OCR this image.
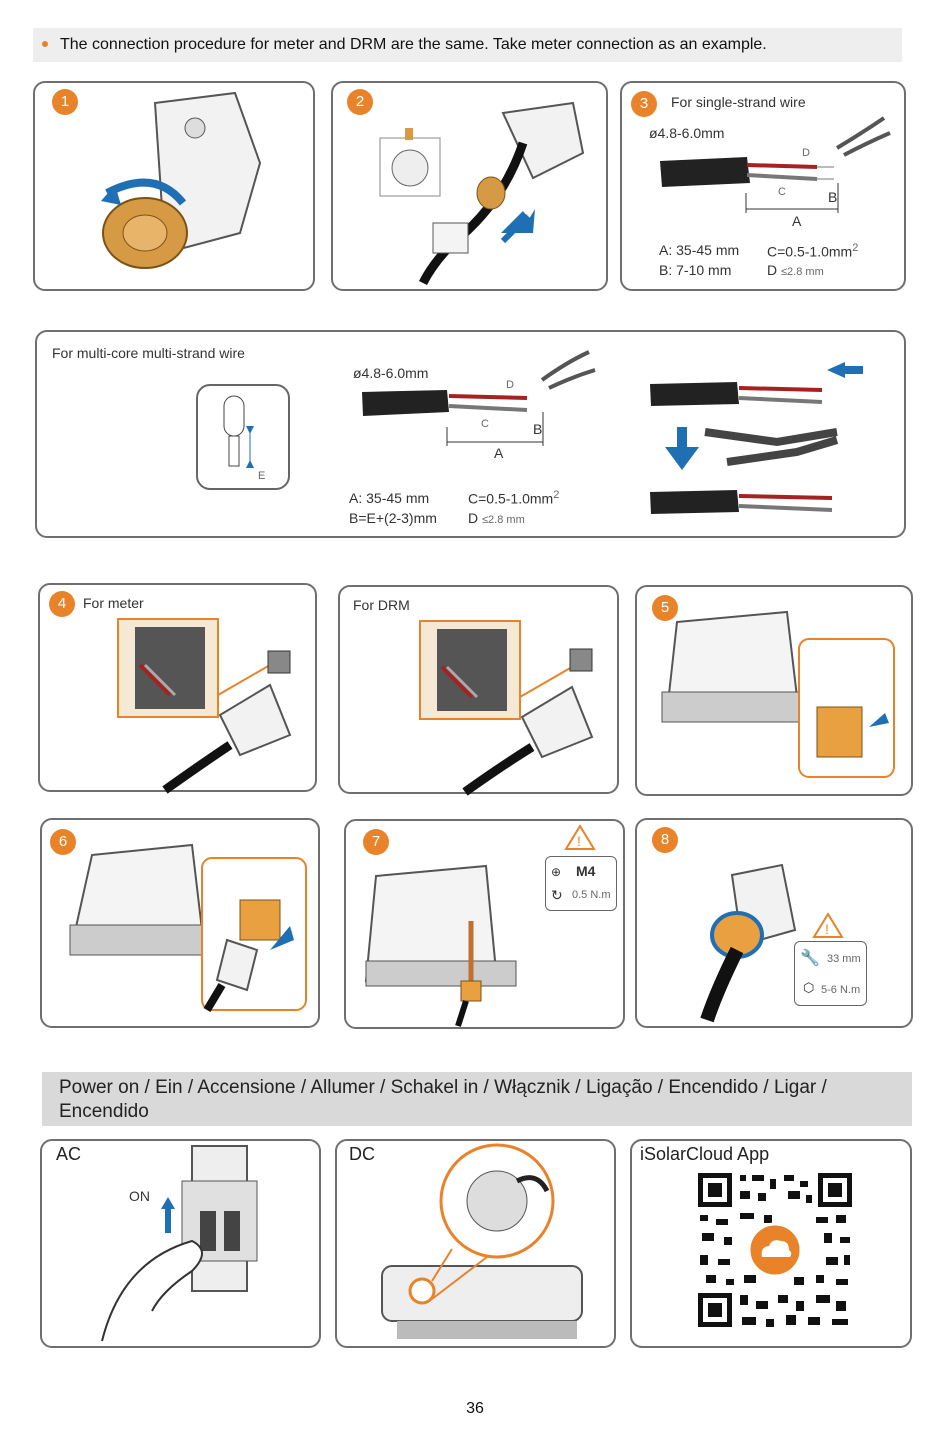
The connection procedure for meter and DRM are the same. Take meter connection as an example.
1	2	3	For single-strand wire
ø4.8-6.0mm
D
C	B
A
A: 35-45 mm
B: 7-10 mm
$C=0.5-1.0mm^2$
D ≤2.8 mm
For multi-core multi-strand wire
E
ø4.8-6.0mm
D
C	B
A
A: 35-45 mm
B=E+(2-3)mm
$C=0.5-1.0mm^2$
D ≤2.8 mm
4	For meter	For DRM	5
6	7	!
⊕ M4
↻ 0.5 N.m
8
!
🔧 33 mm
⬡ 5-6 N.m
Power on / Ein / Accensione / Allumer / Schakel in / Włącznik / Ligação / Encendido / Ligar / Encendido
AC
ON
DC	iSolarCloud App
36
